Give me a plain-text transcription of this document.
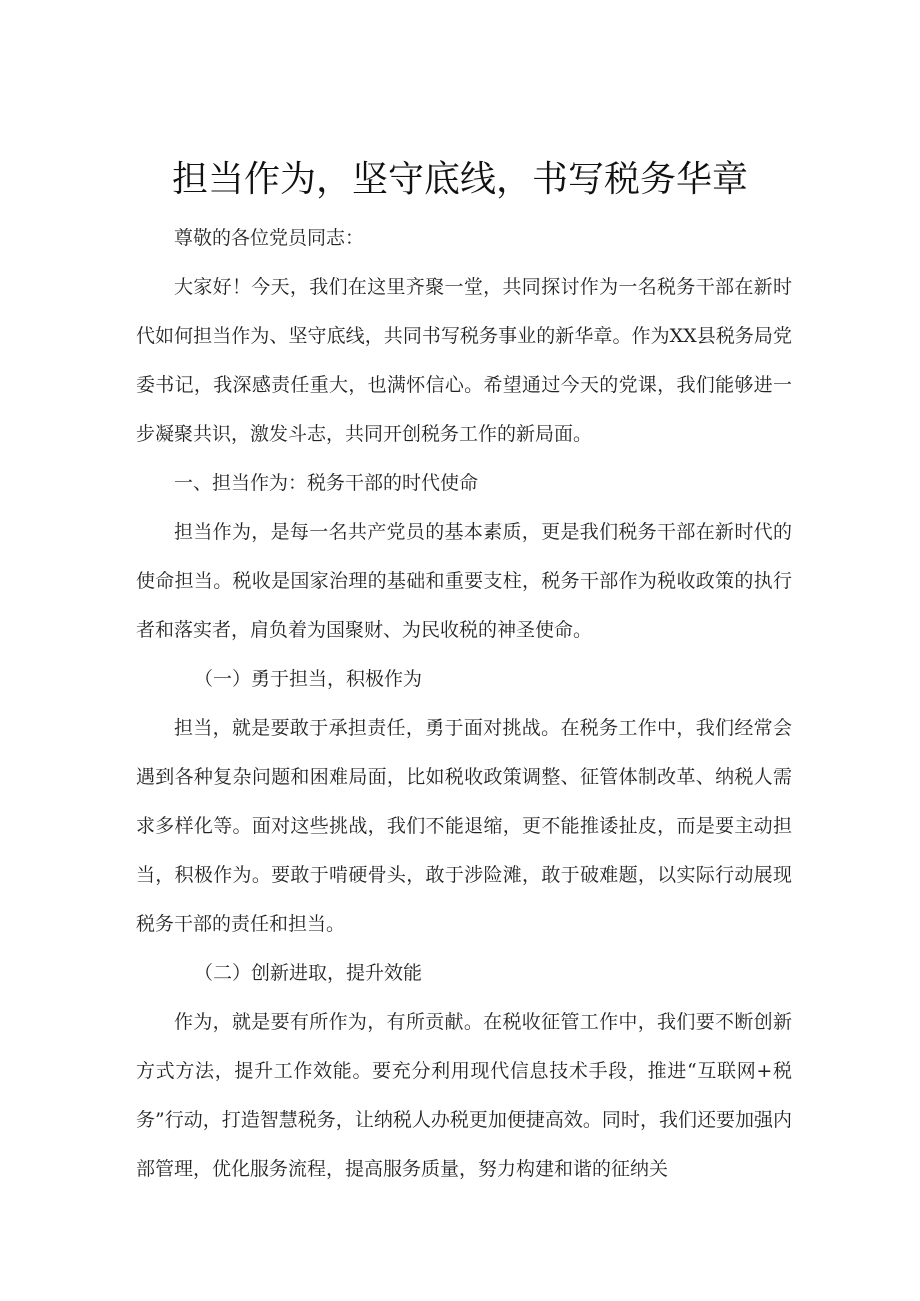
担当作为，坚守底线，书写税务华章

尊敬的各位党员同志：

大家好！今天，我们在这里齐聚一堂，共同探讨作为一名税务干部在新时代如何担当作为、坚守底线，共同书写税务事业的新华章。作为XX县税务局党委书记，我深感责任重大，也满怀信心。希望通过今天的党课，我们能够进一步凝聚共识，激发斗志，共同开创税务工作的新局面。

一、担当作为：税务干部的时代使命

担当作为，是每一名共产党员的基本素质，更是我们税务干部在新时代的使命担当。税收是国家治理的基础和重要支柱，税务干部作为税收政策的执行者和落实者，肩负着为国聚财、为民收税的神圣使命。

（一）勇于担当，积极作为

担当，就是要敢于承担责任，勇于面对挑战。在税务工作中，我们经常会遇到各种复杂问题和困难局面，比如税收政策调整、征管体制改革、纳税人需求多样化等。面对这些挑战，我们不能退缩，更不能推诿扯皮，而是要主动担当，积极作为。要敢于啃硬骨头，敢于涉险滩，敢于破难题，以实际行动展现税务干部的责任和担当。

（二）创新进取，提升效能

作为，就是要有所作为，有所贡献。在税收征管工作中，我们要不断创新方式方法，提升工作效能。要充分利用现代信息技术手段，推进“互联网+税务”行动，打造智慧税务，让纳税人办税更加便捷高效。同时，我们还要加强内部管理，优化服务流程，提高服务质量，努力构建和谐的征纳关
